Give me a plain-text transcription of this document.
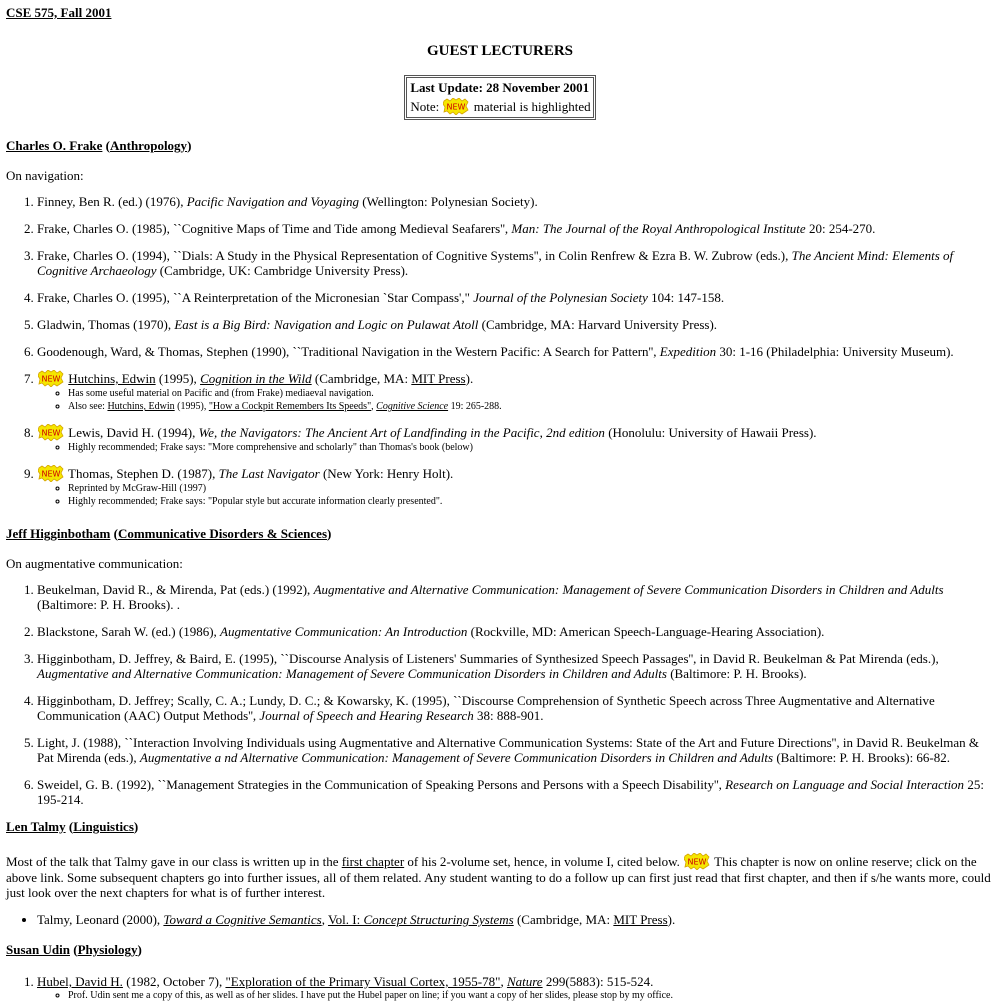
CSE 575, Fall 2001
GUEST LECTURERS
Last Update: 28 November 2001
Note: NEW material is highlighted
Charles O. Frake (Anthropology)
On navigation:
1. Finney, Ben R. (ed.) (1976), Pacific Navigation and Voyaging (Wellington: Polynesian Society).
2. Frake, Charles O. (1985), ``Cognitive Maps of Time and Tide among Medieval Seafarers'', Man: The Journal of the Royal Anthropological Institute 20: 254-270.
3. Frake, Charles O. (1994), ``Dials: A Study in the Physical Representation of Cognitive Systems'', in Colin Renfrew & Ezra B. W. Zubrow (eds.), The Ancient Mind: Elements of Cognitive Archaeology (Cambridge, UK: Cambridge University Press).
4. Frake, Charles O. (1995), ``A Reinterpretation of the Micronesian `Star Compass'," Journal of the Polynesian Society 104: 147-158.
5. Gladwin, Thomas (1970), East is a Big Bird: Navigation and Logic on Pulawat Atoll (Cambridge, MA: Harvard University Press).
6. Goodenough, Ward, & Thomas, Stephen (1990), ``Traditional Navigation in the Western Pacific: A Search for Pattern'', Expedition 30: 1-16 (Philadelphia: University Museum).
7. NEW Hutchins, Edwin (1995), Cognition in the Wild (Cambridge, MA: MIT Press).
◦ Has some useful material on Pacific and (from Frake) mediaeval navigation.
◦ Also see: Hutchins, Edwin (1995), "How a Cockpit Remembers Its Speeds", Cognitive Science 19: 265-288.
8. NEW Lewis, David H. (1994), We, the Navigators: The Ancient Art of Landfinding in the Pacific, 2nd edition (Honolulu: University of Hawaii Press).
◦ Highly recommended; Frake says: "More comprehensive and scholarly" than Thomas's book (below)
9. NEW Thomas, Stephen D. (1987), The Last Navigator (New York: Henry Holt).
◦ Reprinted by McGraw-Hill (1997)
◦ Highly recommended; Frake says: "Popular style but accurate information clearly presented".
Jeff Higginbotham (Communicative Disorders & Sciences)
On augmentative communication:
1. Beukelman, David R., & Mirenda, Pat (eds.) (1992), Augmentative and Alternative Communication: Management of Severe Communication Disorders in Children and Adults (Baltimore: P. H. Brooks). .
2. Blackstone, Sarah W. (ed.) (1986), Augmentative Communication: An Introduction (Rockville, MD: American Speech-Language-Hearing Association).
3. Higginbotham, D. Jeffrey, & Baird, E. (1995), ``Discourse Analysis of Listeners' Summaries of Synthesized Speech Passages'', in David R. Beukelman & Pat Mirenda (eds.), Augmentative and Alternative Communication: Management of Severe Communication Disorders in Children and Adults (Baltimore: P. H. Brooks).
4. Higginbotham, D. Jeffrey; Scally, C. A.; Lundy, D. C.; & Kowarsky, K. (1995), ``Discourse Comprehension of Synthetic Speech across Three Augmentative and Alternative Communication (AAC) Output Methods'', Journal of Speech and Hearing Research 38: 888-901.
5. Light, J. (1988), ``Interaction Involving Individuals using Augmentative and Alternative Communication Systems: State of the Art and Future Directions'', in David R. Beukelman & Pat Mirenda (eds.), Augmentative a nd Alternative Communication: Management of Severe Communication Disorders in Children and Adults (Baltimore: P. H. Brooks): 66-82.
6. Sweidel, G. B. (1992), ``Management Strategies in the Communication of Speaking Persons and Persons with a Speech Disability'', Research on Language and Social Interaction 25: 195-214.
Len Talmy (Linguistics)
Most of the talk that Talmy gave in our class is written up in the first chapter of his 2-volume set, hence, in volume I, cited below. NEW This chapter is now on online reserve; click on the above link. Some subsequent chapters go into further issues, all of them related. Any student wanting to do a follow up can first just read that first chapter, and then if s/he wants more, could just look over the next chapters for what is of further interest.
• Talmy, Leonard (2000), Toward a Cognitive Semantics, Vol. I: Concept Structuring Systems (Cambridge, MA: MIT Press).
Susan Udin (Physiology)
1. Hubel, David H. (1982, October 7), "Exploration of the Primary Visual Cortex, 1955-78", Nature 299(5883): 515-524.
◦ Prof. Udin sent me a copy of this, as well as of her slides. I have put the Hubel paper on line; if you want a copy of her slides, please stop by my office.
